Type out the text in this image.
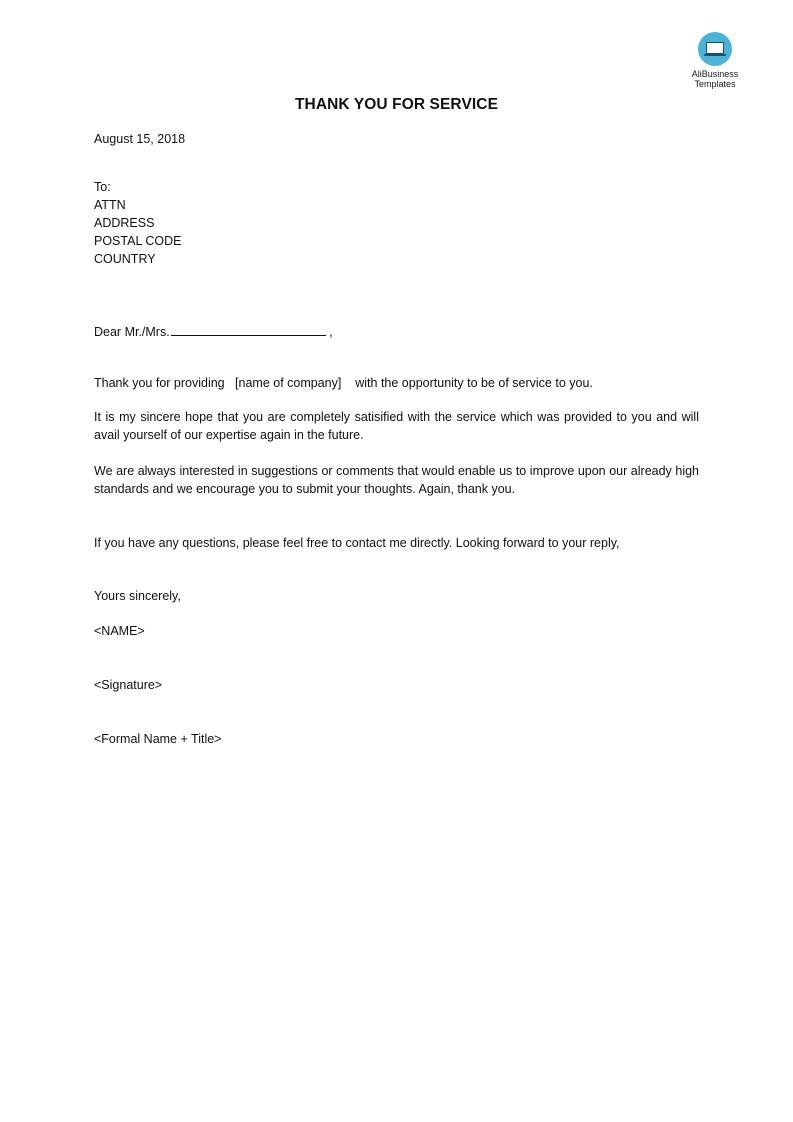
AliBusiness
Templates
THANK YOU FOR SERVICE
August 15, 2018
To:
ATTN
ADDRESS
POSTAL CODE
COUNTRY
Dear Mr./Mrs.	,
Thank you for providing   [name of company]    with the opportunity to be of service to you.
It is my sincere hope that you are completely satisified with the service which was provided to you and will avail yourself of our expertise again in the future.
We are always interested in suggestions or comments that would enable us to improve upon our already high standards and we encourage you to submit your thoughts. Again, thank you.
If you have any questions, please feel free to contact me directly. Looking forward to your reply,
Yours sincerely,
<NAME>
<Signature>
<Formal Name + Title>
